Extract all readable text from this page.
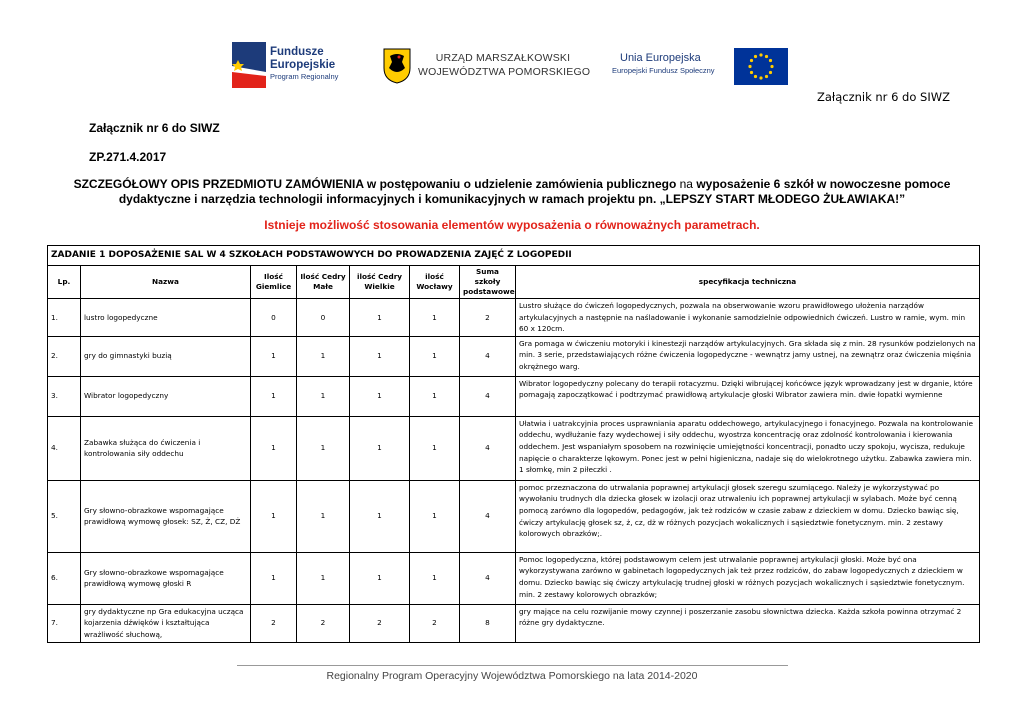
Fundusze
Europejskie
Program Regionalny
URZĄD MARSZAŁKOWSKI
WOJEWÓDZTWA POMORSKIEGO
Unia Europejska
Europejski Fundusz Społeczny
Załącznik nr 6 do SIWZ
Załącznik nr 6 do SIWZ
ZP.271.4.2017
SZCZEGÓŁOWY OPIS PRZEDMIOTU ZAMÓWIENIA w postępowaniu o udzielenie zamówienia publicznego na wyposażenie 6 szkół w nowoczesne pomoce dydaktyczne i narzędzia technologii informacyjnych i komunikacyjnych w ramach projektu pn. „LEPSZY START MŁODEGO ŻUŁAWIAKA!”
Istnieje możliwość stosowania elementów wyposażenia o równoważnych parametrach.
ZADANIE 1 DOPOSAŻENIE SAL W 4 SZKOŁACH PODSTAWOWYCH DO PROWADZENIA ZAJĘĆ Z LOGOPEDII							
Lp.	Nazwa	Ilość Giemlice	Ilość Cedry Małe	ilość Cedry Wielkie	ilość Wocławy	Suma szkoły podstawowe	specyfikacja techniczna
1.	lustro logopedyczne	0	0	1	1	2	Lustro służące do ćwiczeń logopedycznych, pozwala na obserwowanie wzoru prawidłowego ułożenia narządów artykulacyjnych a następnie na naśladowanie i wykonanie samodzielnie odpowiednich ćwiczeń. Lustro w ramie, wym. min 60 x 120cm.
2.	gry do gimnastyki buzią	1	1	1	1	4	Gra pomaga w ćwiczeniu motoryki i kinestezji narządów artykulacyjnych. Gra składa się z min. 28 rysunków podzielonych na min. 3 serie, przedstawiających różne ćwiczenia logopedyczne - wewnątrz jamy ustnej, na zewnątrz oraz ćwiczenia mięśnia okrężnego warg.
3.	Wibrator logopedyczny	1	1	1	1	4	Wibrator logopedyczny polecany do terapii rotacyzmu. Dzięki wibrującej końcówce język wprowadzany jest w drganie, które pomagają zapoczątkować i podtrzymać prawidłową artykulacje głoski Wibrator zawiera min. dwie łopatki wymienne
4.	Zabawka służąca do ćwiczenia i kontrolowania siły oddechu	1	1	1	1	4	Ułatwia i uatrakcyjnia proces usprawniania aparatu oddechowego, artykulacyjnego i fonacyjnego. Pozwala na kontrolowanie oddechu, wydłużanie fazy wydechowej i siły oddechu, wyostrza koncentrację oraz zdolność kontrolowania i kierowania oddechem. Jest wspaniałym sposobem na rozwinięcie umiejętności koncentracji, ponadto uczy spokoju, wycisza, redukuje napięcie o charakterze lękowym. Ponec jest w pełni higieniczna, nadaje się do wielokrotnego użytku. Zabawka zawiera min. 1 słomkę, min 2 piłeczki .
5.	Gry słowno-obrazkowe wspomagające prawidłową wymowę głosek: SZ, Ż, CZ, DŻ	1	1	1	1	4	pomoc przeznaczona do utrwalania poprawnej artykulacji głosek szeregu szumiącego. Należy je wykorzystywać po wywołaniu trudnych dla dziecka głosek w izolacji oraz utrwaleniu ich poprawnej artykulacji w sylabach. Może być cenną pomocą zarówno dla logopedów, pedagogów, jak też rodziców w czasie zabaw z dzieckiem w domu. Dziecko bawiąc się, ćwiczy artykulację głosek sz, ż, cz, dż w różnych pozycjach wokalicznych i sąsiedztwie fonetycznym. min. 2 zestawy kolorowych obrazków;.
6.	Gry słowno-obrazkowe wspomagające prawidłową wymowę głoski R	1	1	1	1	4	Pomoc logopedyczna, której podstawowym celem jest utrwalanie poprawnej artykulacji głoski. Może być ona wykorzystywana zarówno w gabinetach logopedycznych jak też przez rodziców, do zabaw logopedycznych z dzieckiem w domu. Dziecko bawiąc się ćwiczy artykulację trudnej głoski w różnych pozycjach wokalicznych i sąsiedztwie fonetycznym. min. 2 zestawy kolorowych obrazków;
7.	gry dydaktyczne np Gra edukacyjna ucząca kojarzenia dźwięków i kształtująca wrażliwość słuchową,	2	2	2	2	8	gry mające na celu rozwijanie mowy czynnej i poszerzanie zasobu słownictwa dziecka. Każda szkoła powinna otrzymać 2 różne gry dydaktyczne.
Regionalny Program Operacyjny Województwa Pomorskiego na lata 2014-2020
